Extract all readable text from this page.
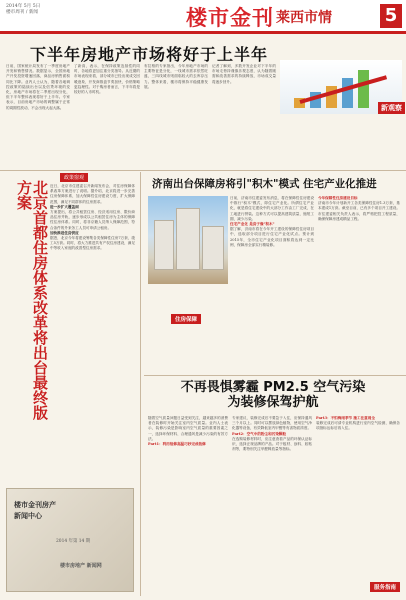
2014年 5月 5日
楼市周刊 / 新闻	楼市金刊 莱西市情	5
下半年房地产市场将好于上半年
日前，国家统计局发布了一季度房地产开发和销售情况。数据显示，全国房地产开发投资增速回落，商品房销售面积同比下降。业内人士认为，随着各地调控政策的陆续出台以及信贷环境的变化，房地产市场将在二季度出现分化，但下半年整体表现将好于上半年。专家表示，目前房地产市场的调整属于正常的周期性波动，不会出现大起大落。
了新高，表示，在保持政策连续性的同时，各地将更加注重分类指导。从近期的市场表现来看，部分城市已经出现成交回暖迹象，开发商推盘节奏加快，价格策略更趋理性。对于购房者而言，下半年将是较好的入市时机。
布拉格的专家指出，今年房地产市场的主要特征是分化，一线城市需求依然旺盛，三四线城市则面临较大的去库存压力。整体来看，楼市将保持平稳健康发展。
记者了解到，多数开发企业对下半年的市场走势持谨慎乐观态度，认为随着刚需和改善需求的持续释放，市场成交量将逐步回升。
新观察
政策窗观
北京首都住房体系改革将出台最终版方案	近日，北京市住建委召开新闻发布会，对住房保障体系改革方案进行了说明。据介绍，北京将进一步完善住房保障体系，加大保障性住房建设力度，扩大保障范围，满足不同群体的住房需求。
进一步扩大覆盖面
方案提出，将公共租赁住房、经济适用住房、限价商品住房并轨，逐步形成以公共租赁住房为主体的保障性住房体系。同时，将非京籍人员纳入保障范围，符合条件的外来务工人员可申请公租房。
加快推进住房供应
据悉，北京今年将建设筹集各类保障性住房7万套，竣工5万套。同时，将大力推进共有产权住房建设，满足中等收入家庭的改善型住房需求。
楼市金刊房产
新闻中心
2014 年第 14 期
楼市房地产 新闻网
济南出台保障房将引"积木"模式 住宅产业化推进
住房保障
日前，济南市住建委发布消息，将在保障性住房建设中推行"积木"模式，即住宅产业化。所谓住宅产业化，就是将住宅建设中的大部分工作由工厂完成，在工地进行拼装。这种方式可以提高建筑质量，缩短工期，减少污染。
住宅产业化 是房子像"积木"
据了解，济南市将在今年开工建设的保障性住房项目中，选取部分项目进行住宅产业化试点。预计到2015年，全市住宅产业化项目面积将达到一定比例，保障房全部实行精装修。
今年保障性住房建设目标
济南市今年计划新开工各类保障性住房1.3万套，基本建成1万套。截至目前，已有多个项目开工建设。市住建委相关负责人表示，将严格把控工程质量，确保保障房建成精品工程。
不再畏惧雾霾 PM2.5 空气污染
为装修保驾护航
随着空气质量问题日益受到关注，越来越多的消费者在装修时开始关注室内空气质量。业内人士表示，装修污染是影响室内空气质量的重要因素之一，选择环保材料、合理通风是减少污染的有效方法。
Part1：利用装修高温巧妙完成装修
专家建议，装修完成后不要急于入住，应保持通风三个月以上。同时可以摆放绿色植物，使用空气净化器等设备，有效降低室内甲醛等有害物质浓度。
Part2：空气中的粉尘和污染颗粒
在选购装修材料时，应注意查看产品的环保认证标识，选择正规品牌的产品。对于板材、涂料、胶粘剂等，要特别关注甲醛释放量等指标。
Part3：不怕梅雨季节 施工注意周全
装修完成后可请专业机构进行室内空气检测，确保各项指标达标后再入住。
服务指南
